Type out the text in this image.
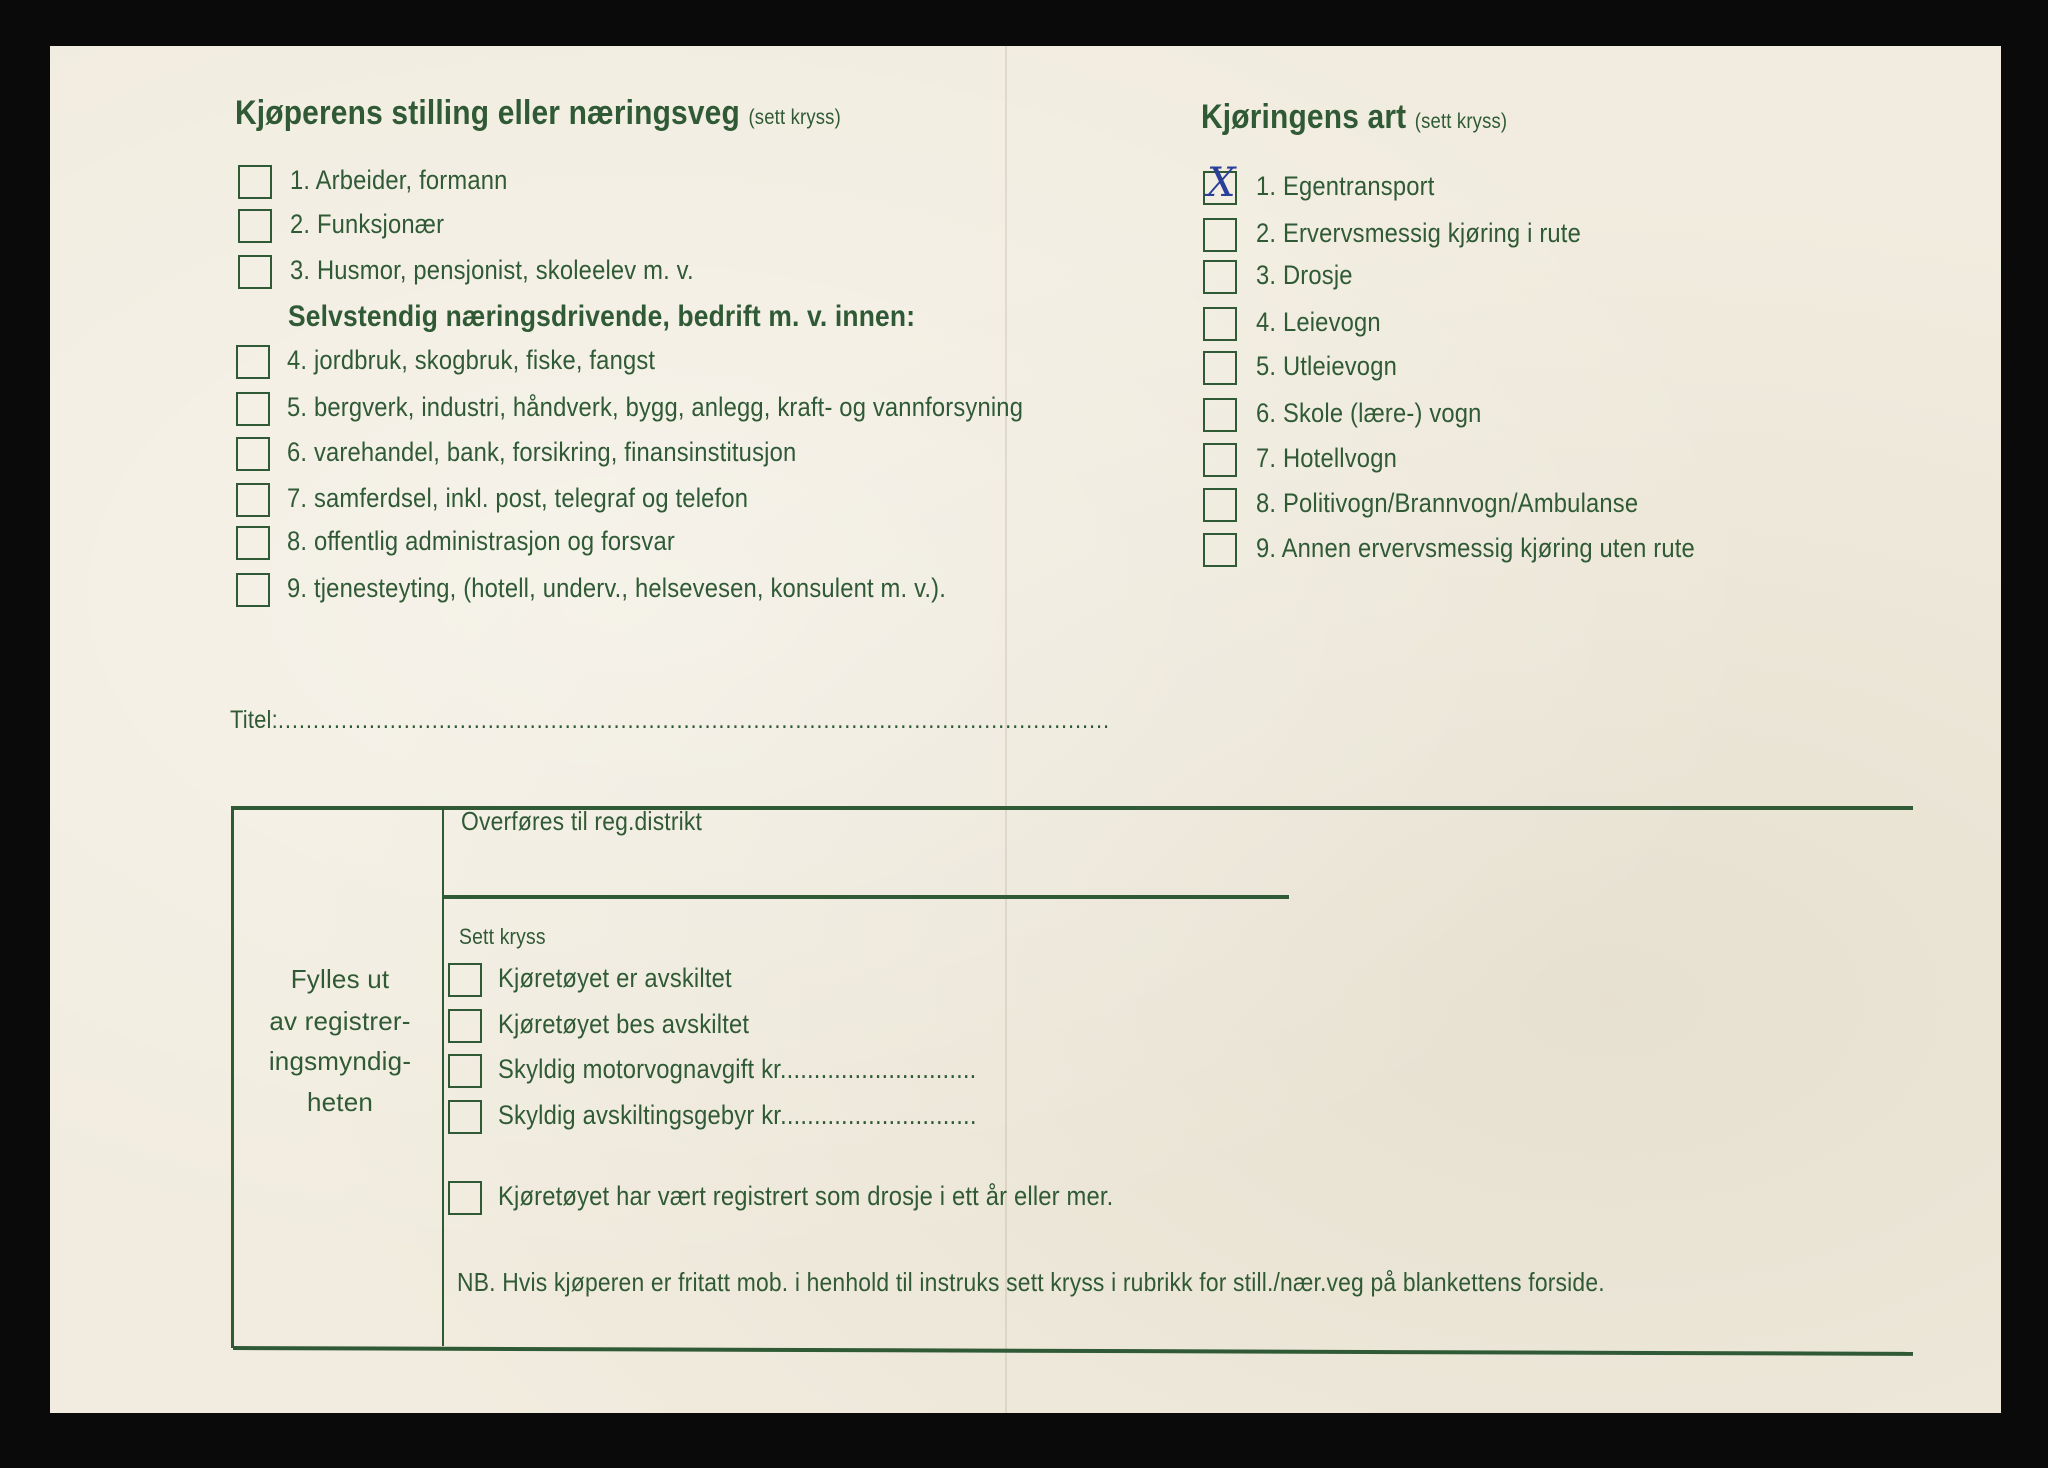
Kjøperens stilling eller næringsveg (sett kryss)
1. Arbeider, formann
2. Funksjonær
3. Husmor, pensjonist, skoleelev m. v.
4. jordbruk, skogbruk, fiske, fangst
5. bergverk, industri, håndverk, bygg, anlegg, kraft- og vannforsyning
6. varehandel, bank, forsikring, finansinstitusjon
7. samferdsel, inkl. post, telegraf og telefon
8. offentlig administrasjon og forsvar
9. tjenesteyting, (hotell, underv., helsevesen, konsulent m. v.).
Selvstendig næringsdrivende, bedrift m. v. innen:
Kjøringens art (sett kryss)
X 1. Egentransport
2. Ervervsmessig kjøring i rute
3. Drosje
4. Leievogn
5. Utleievogn
6. Skole (lære-) vogn
7. Hotellvogn
8. Politivogn/Brannvogn/Ambulanse
9. Annen ervervsmessig kjøring uten rute
Titel:.......................................................................................................................
Fylles ut
av registrer-
ingsmyndig-
heten
Overføres til reg.distrikt
Sett kryss
Kjøretøyet er avskiltet
Kjøretøyet bes avskiltet
Skyldig motorvognavgift kr.............................
Skyldig avskiltingsgebyr kr.............................
Kjøretøyet har vært registrert som drosje i ett år eller mer.
NB. Hvis kjøperen er fritatt mob. i henhold til instruks sett kryss i rubrikk for still./nær.veg på blankettens forside.
